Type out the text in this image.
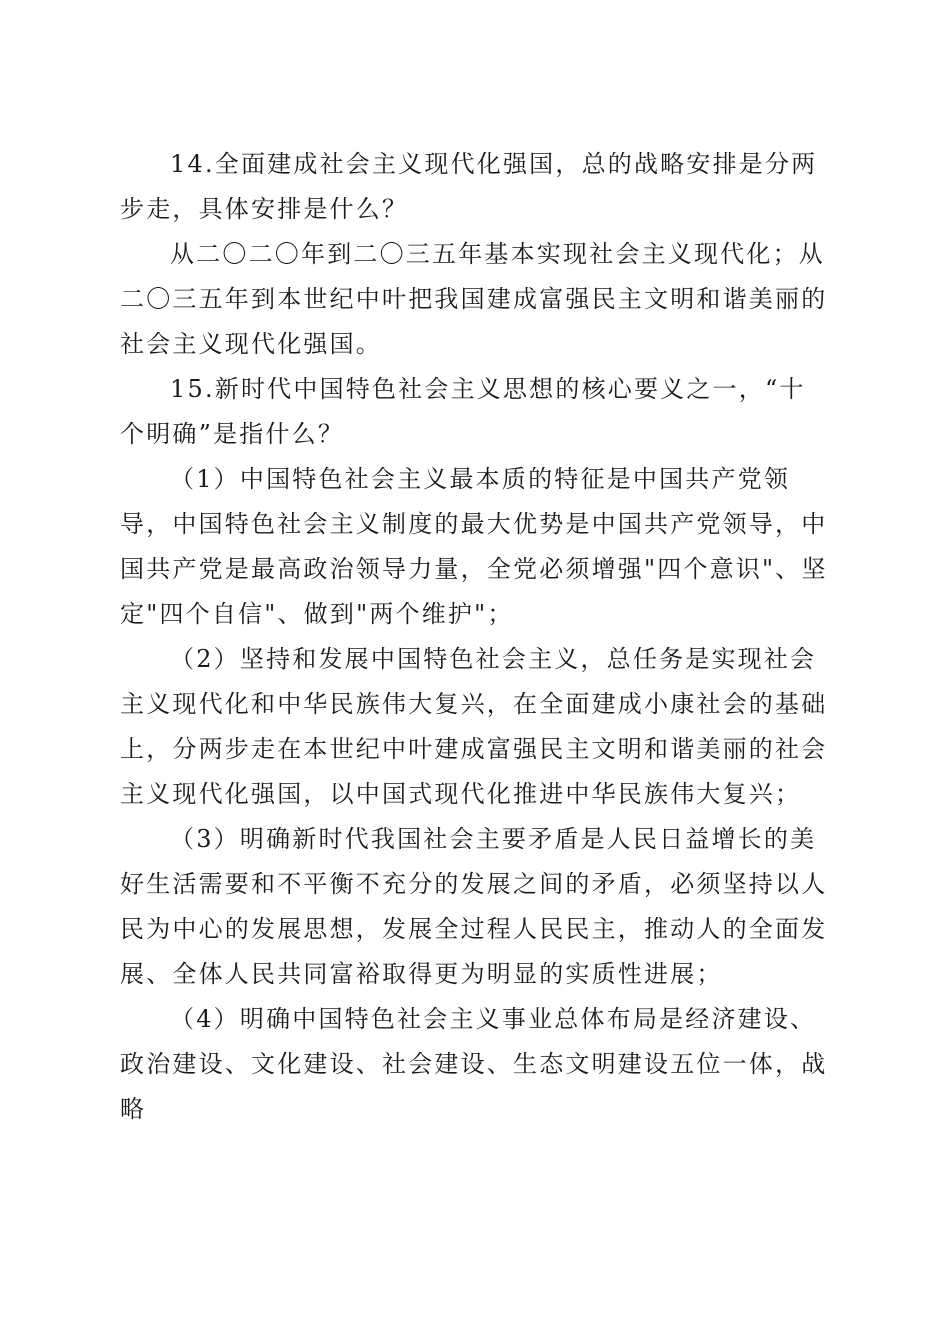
14.全面建成社会主义现代化强国，总的战略安排是分两步走，具体安排是什么？

从二〇二〇年到二〇三五年基本实现社会主义现代化；从二〇三五年到本世纪中叶把我国建成富强民主文明和谐美丽的社会主义现代化强国。

15.新时代中国特色社会主义思想的核心要义之一，“十个明确”是指什么？

（1）中国特色社会主义最本质的特征是中国共产党领导，中国特色社会主义制度的最大优势是中国共产党领导，中国共产党是最高政治领导力量，全党必须增强"四个意识"、坚定"四个自信"、做到"两个维护"；

（2）坚持和发展中国特色社会主义，总任务是实现社会主义现代化和中华民族伟大复兴，在全面建成小康社会的基础上，分两步走在本世纪中叶建成富强民主文明和谐美丽的社会主义现代化强国，以中国式现代化推进中华民族伟大复兴；

（3）明确新时代我国社会主要矛盾是人民日益增长的美好生活需要和不平衡不充分的发展之间的矛盾，必须坚持以人民为中心的发展思想，发展全过程人民民主，推动人的全面发展、全体人民共同富裕取得更为明显的实质性进展；

（4）明确中国特色社会主义事业总体布局是经济建设、政治建设、文化建设、社会建设、生态文明建设五位一体，战略
